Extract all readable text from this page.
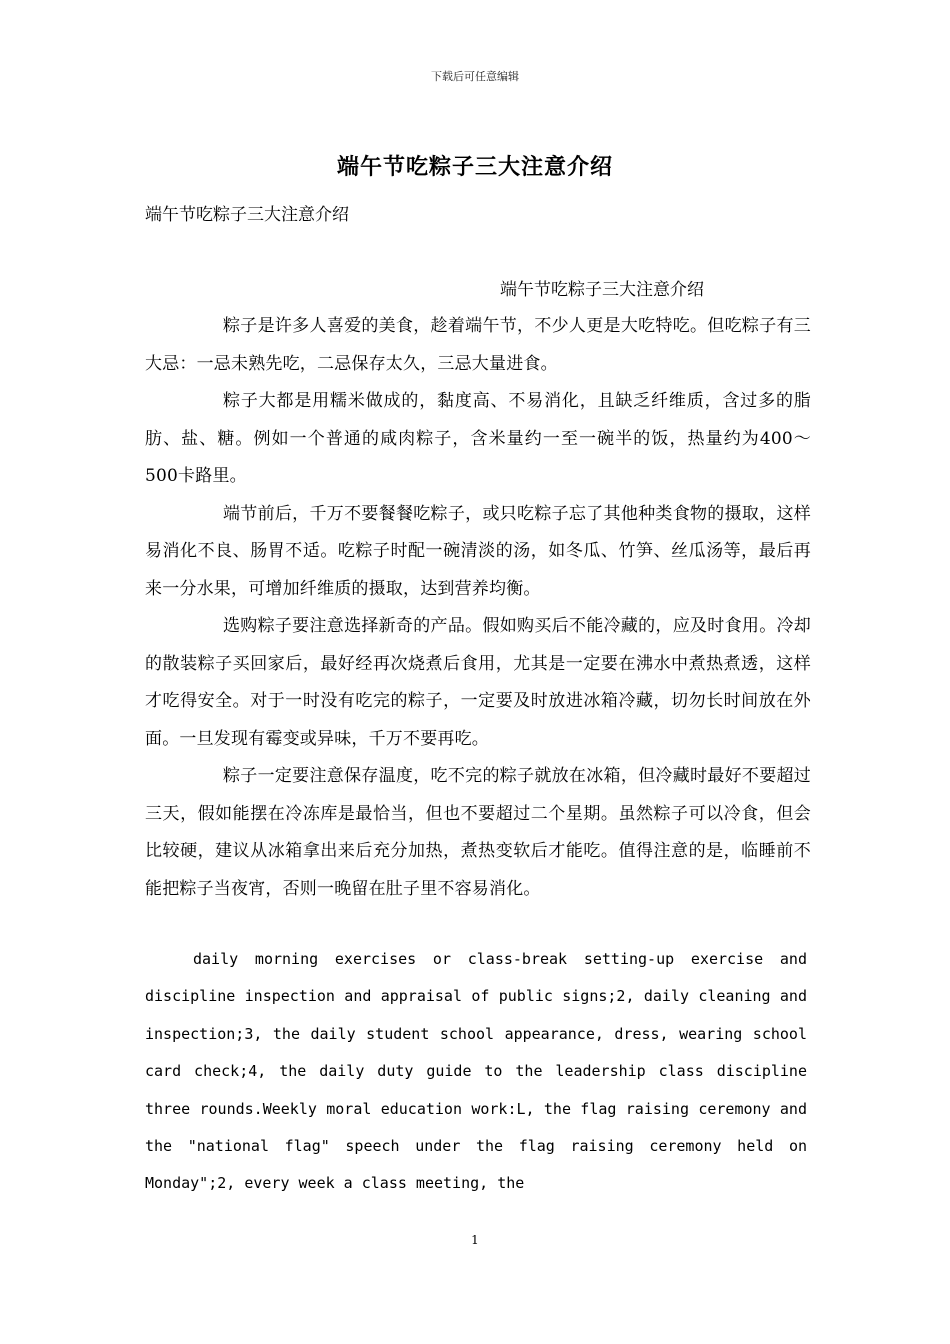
下载后可任意编辑
端午节吃粽子三大注意介绍
端午节吃粽子三大注意介绍
端午节吃粽子三大注意介绍

粽子是许多人喜爱的美食，趁着端午节，不少人更是大吃特吃。但吃粽子有三大忌：一忌未熟先吃，二忌保存太久，三忌大量进食。

粽子大都是用糯米做成的，黏度高、不易消化，且缺乏纤维质，含过多的脂肪、盐、糖。例如一个普通的咸肉粽子，含米量约一至一碗半的饭，热量约为400～500卡路里。

端节前后，千万不要餐餐吃粽子，或只吃粽子忘了其他种类食物的摄取，这样易消化不良、肠胃不适。吃粽子时配一碗清淡的汤，如冬瓜、竹笋、丝瓜汤等，最后再来一分水果，可增加纤维质的摄取，达到营养均衡。

选购粽子要注意选择新奇的产品。假如购买后不能冷藏的，应及时食用。冷却的散装粽子买回家后，最好经再次烧煮后食用，尤其是一定要在沸水中煮热煮透，这样才吃得安全。对于一时没有吃完的粽子，一定要及时放进冰箱冷藏，切勿长时间放在外面。一旦发现有霉变或异味，千万不要再吃。

粽子一定要注意保存温度，吃不完的粽子就放在冰箱，但冷藏时最好不要超过三天，假如能摆在冷冻库是最恰当，但也不要超过二个星期。虽然粽子可以冷食，但会比较硬，建议从冰箱拿出来后充分加热，煮热变软后才能吃。值得注意的是，临睡前不能把粽子当夜宵，否则一晚留在肚子里不容易消化。

daily morning exercises or class-break setting-up exercise and discipline inspection and appraisal of public signs;2, daily cleaning and inspection;3, the daily student school appearance, dress, wearing school card check;4, the daily duty guide to the leadership class discipline three rounds.Weekly moral education work:L, the flag raising ceremony and the "national flag" speech under the flag raising ceremony held on Monday";2, every week a class meeting, the

1
